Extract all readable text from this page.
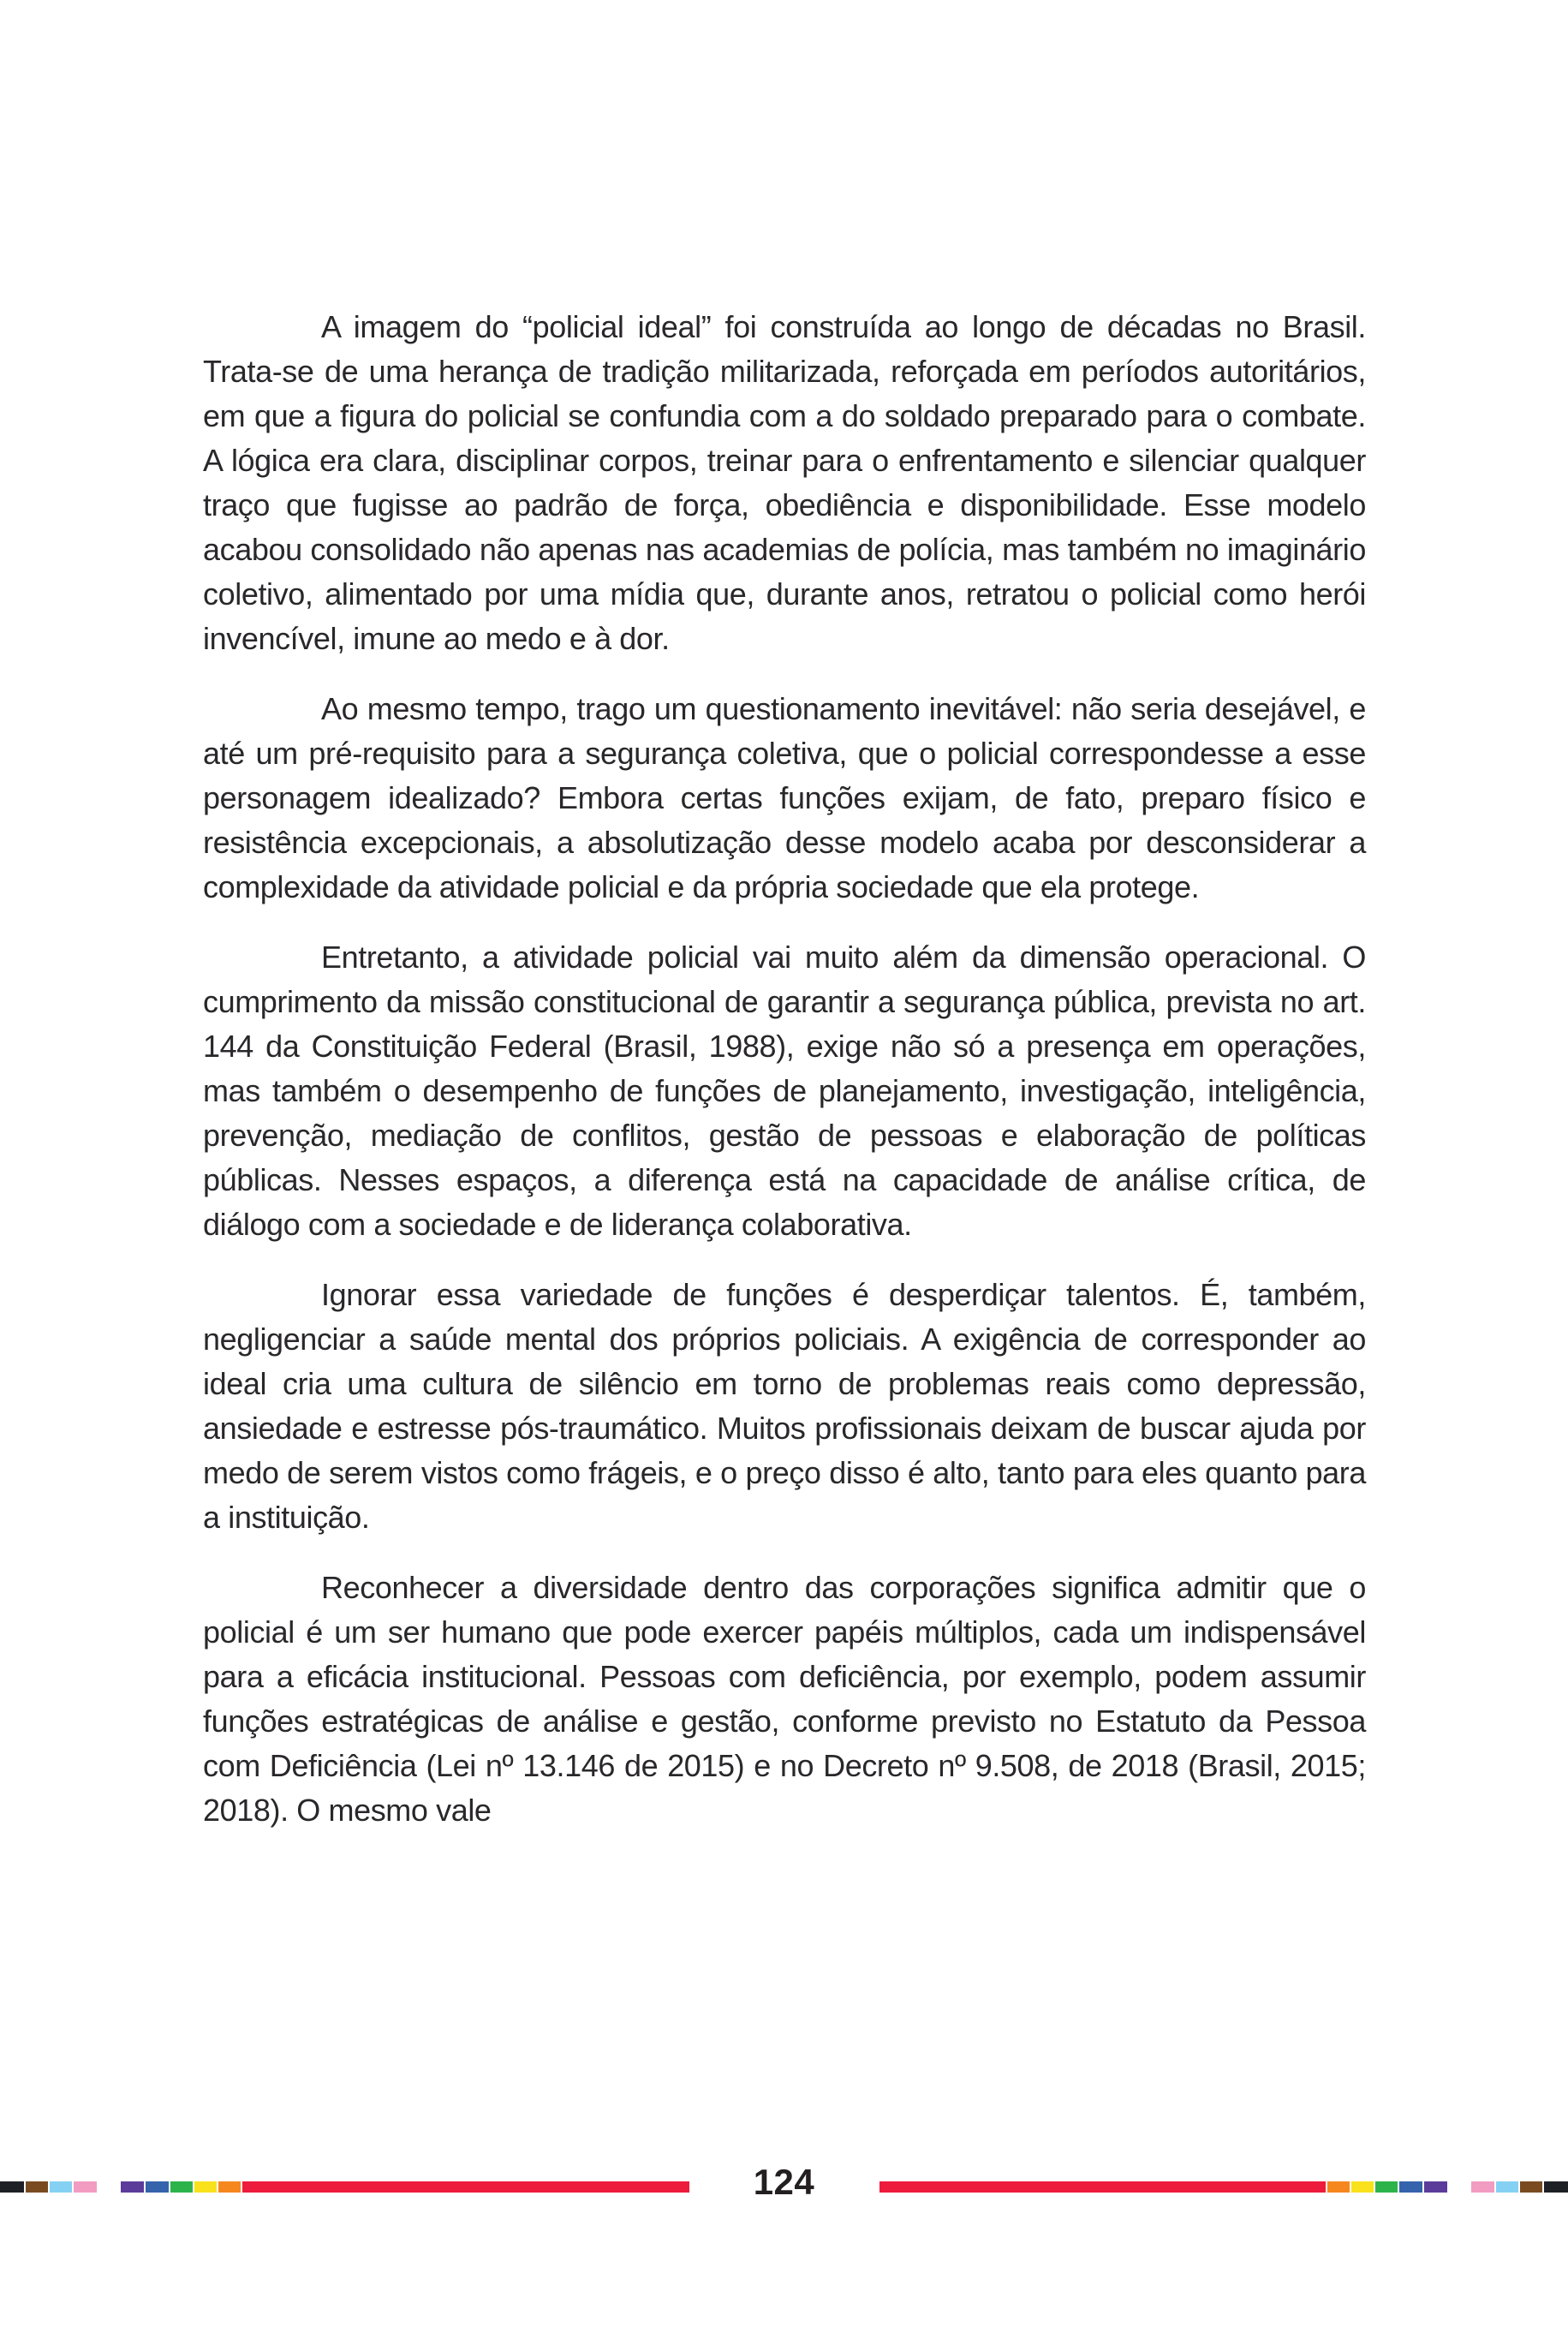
A imagem do “policial ideal” foi construída ao longo de décadas no Brasil. Trata-se de uma herança de tradição militarizada, reforçada em períodos autoritários, em que a figura do policial se confundia com a do soldado preparado para o combate. A lógica era clara, disciplinar corpos, treinar para o enfrentamento e silenciar qualquer traço que fugisse ao padrão de força, obediência e disponibilidade. Esse modelo acabou consolidado não apenas nas academias de polícia, mas também no imaginário coletivo, alimentado por uma mídia que, durante anos, retratou o policial como herói invencível, imune ao medo e à dor.

Ao mesmo tempo, trago um questionamento inevitável: não seria desejável, e até um pré-requisito para a segurança coletiva, que o policial correspondesse a esse personagem idealizado? Embora certas funções exijam, de fato, preparo físico e resistência excepcionais, a absolutização desse modelo acaba por desconsiderar a complexidade da atividade policial e da própria sociedade que ela protege.

Entretanto, a atividade policial vai muito além da dimensão operacional. O cumprimento da missão constitucional de garantir a segurança pública, prevista no art. 144 da Constituição Federal (Brasil, 1988), exige não só a presença em operações, mas também o desempenho de funções de planejamento, investigação, inteligência, prevenção, mediação de conflitos, gestão de pessoas e elaboração de políticas públicas. Nesses espaços, a diferença está na capacidade de análise crítica, de diálogo com a sociedade e de liderança colaborativa.

Ignorar essa variedade de funções é desperdiçar talentos. É, também, negligenciar a saúde mental dos próprios policiais. A exigência de corresponder ao ideal cria uma cultura de silêncio em torno de problemas reais como depressão, ansiedade e estresse pós-traumático. Muitos profissionais deixam de buscar ajuda por medo de serem vistos como frágeis, e o preço disso é alto, tanto para eles quanto para a instituição.

Reconhecer a diversidade dentro das corporações significa admitir que o policial é um ser humano que pode exercer papéis múltiplos, cada um indispensável para a eficácia institucional. Pessoas com deficiência, por exemplo, podem assumir funções estratégicas de análise e gestão, conforme previsto no Estatuto da Pessoa com Deficiência (Lei nº 13.146 de 2015) e no Decreto nº 9.508, de 2018 (Brasil, 2015; 2018). O mesmo vale

124
